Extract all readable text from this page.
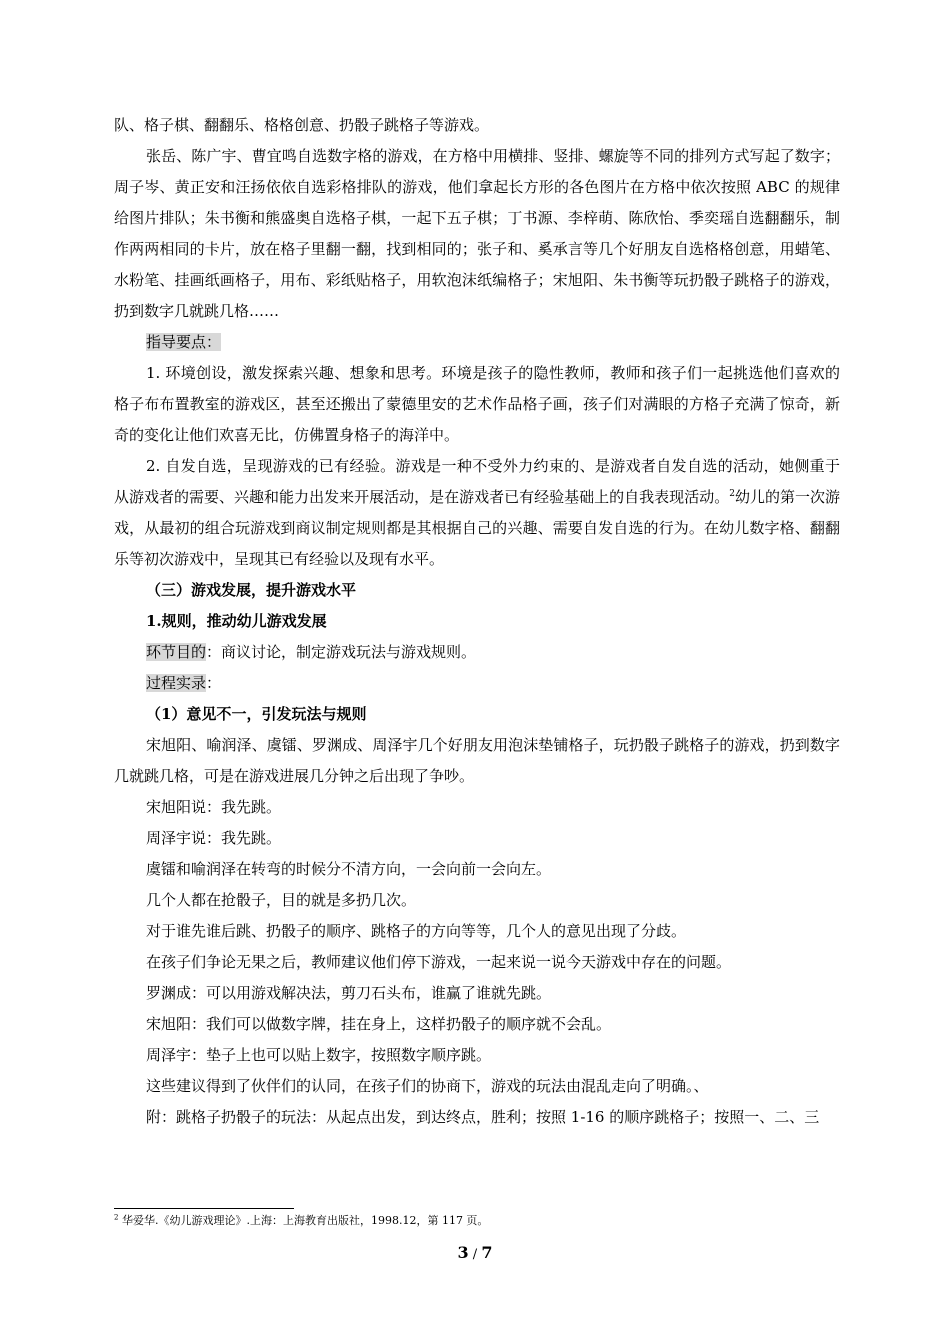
队、格子棋、翻翻乐、格格创意、扔骰子跳格子等游戏。

张岳、陈广宇、曹宜鸣自选数字格的游戏，在方格中用横排、竖排、螺旋等不同的排列方式写起了数字；周子岑、黄正安和汪扬依依自选彩格排队的游戏，他们拿起长方形的各色图片在方格中依次按照 ABC 的规律给图片排队；朱书衡和熊盛奥自选格子棋，一起下五子棋；丁书源、李梓萌、陈欣怡、季奕瑶自选翻翻乐，制作两两相同的卡片，放在格子里翻一翻，找到相同的；张子和、奚承言等几个好朋友自选格格创意，用蜡笔、水粉笔、挂画纸画格子，用布、彩纸贴格子，用软泡沫纸编格子；宋旭阳、朱书衡等玩扔骰子跳格子的游戏，扔到数字几就跳几格……

指导要点：

1. 环境创设，激发探索兴趣、想象和思考。环境是孩子的隐性教师，教师和孩子们一起挑选他们喜欢的格子布布置教室的游戏区，甚至还搬出了蒙德里安的艺术作品格子画，孩子们对满眼的方格子充满了惊奇，新奇的变化让他们欢喜无比，仿佛置身格子的海洋中。

2. 自发自选，呈现游戏的已有经验。游戏是一种不受外力约束的、是游戏者自发自选的活动，她侧重于从游戏者的需要、兴趣和能力出发来开展活动，是在游戏者已有经验基础上的自我表现活动。$^2$幼儿的第一次游戏，从最初的组合玩游戏到商议制定规则都是其根据自己的兴趣、需要自发自选的行为。在幼儿数字格、翻翻乐等初次游戏中，呈现其已有经验以及现有水平。

（三）游戏发展，提升游戏水平

1.规则，推动幼儿游戏发展

环节目的：商议讨论，制定游戏玩法与游戏规则。

过程实录：

（1）意见不一，引发玩法与规则

宋旭阳、喻润泽、虞镭、罗渊成、周泽宇几个好朋友用泡沫垫铺格子，玩扔骰子跳格子的游戏，扔到数字几就跳几格，可是在游戏进展几分钟之后出现了争吵。

宋旭阳说：我先跳。

周泽宇说：我先跳。

虞镭和喻润泽在转弯的时候分不清方向，一会向前一会向左。

几个人都在抢骰子，目的就是多扔几次。

对于谁先谁后跳、扔骰子的顺序、跳格子的方向等等，几个人的意见出现了分歧。

在孩子们争论无果之后，教师建议他们停下游戏，一起来说一说今天游戏中存在的问题。

罗渊成：可以用游戏解决法，剪刀石头布，谁赢了谁就先跳。

宋旭阳：我们可以做数字牌，挂在身上，这样扔骰子的顺序就不会乱。

周泽宇：垫子上也可以贴上数字，按照数字顺序跳。

这些建议得到了伙伴们的认同，在孩子们的协商下，游戏的玩法由混乱走向了明确。、

附：跳格子扔骰子的玩法：从起点出发，到达终点，胜利；按照 1-16 的顺序跳格子；按照一、二、三

$^2$ 华爱华.《幼儿游戏理论》.上海：上海教育出版社，1998.12，第 117 页。

3 / 7
